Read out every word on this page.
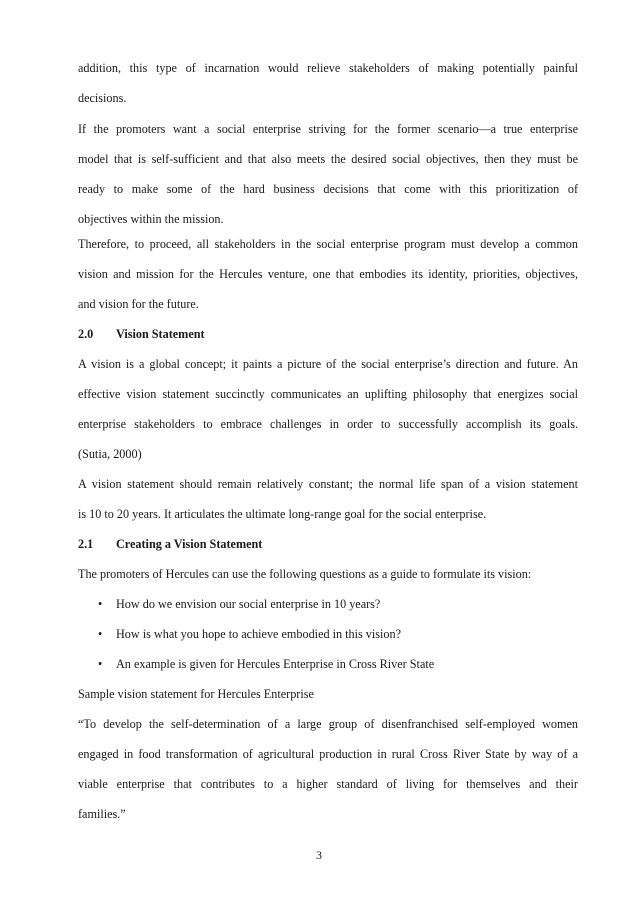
addition, this type of incarnation would relieve stakeholders of making potentially painful
decisions.
If the promoters want a social enterprise striving for the former scenario—a true enterprise
model that is self-sufficient and that also meets the desired social objectives, then they must be
ready to make some of the hard business decisions that come with this prioritization of
objectives within the mission.
Therefore, to proceed, all stakeholders in the social enterprise program must develop a common
vision and mission for the Hercules venture, one that embodies its identity, priorities, objectives,
and vision for the future.
2.0 Vision Statement
A vision is a global concept; it paints a picture of the social enterprise’s direction and future. An
effective vision statement succinctly communicates an uplifting philosophy that energizes social
enterprise stakeholders to embrace challenges in order to successfully accomplish its goals.
(Sutia, 2000)
A vision statement should remain relatively constant; the normal life span of a vision statement
is 10 to 20 years. It articulates the ultimate long-range goal for the social enterprise.
2.1 Creating a Vision Statement
The promoters of Hercules can use the following questions as a guide to formulate its vision:
• How do we envision our social enterprise in 10 years?
• How is what you hope to achieve embodied in this vision?
• An example is given for Hercules Enterprise in Cross River State
Sample vision statement for Hercules Enterprise
“To develop the self-determination of a large group of disenfranchised self-employed women
engaged in food transformation of agricultural production in rural Cross River State by way of a
viable enterprise that contributes to a higher standard of living for themselves and their
families.”
3
